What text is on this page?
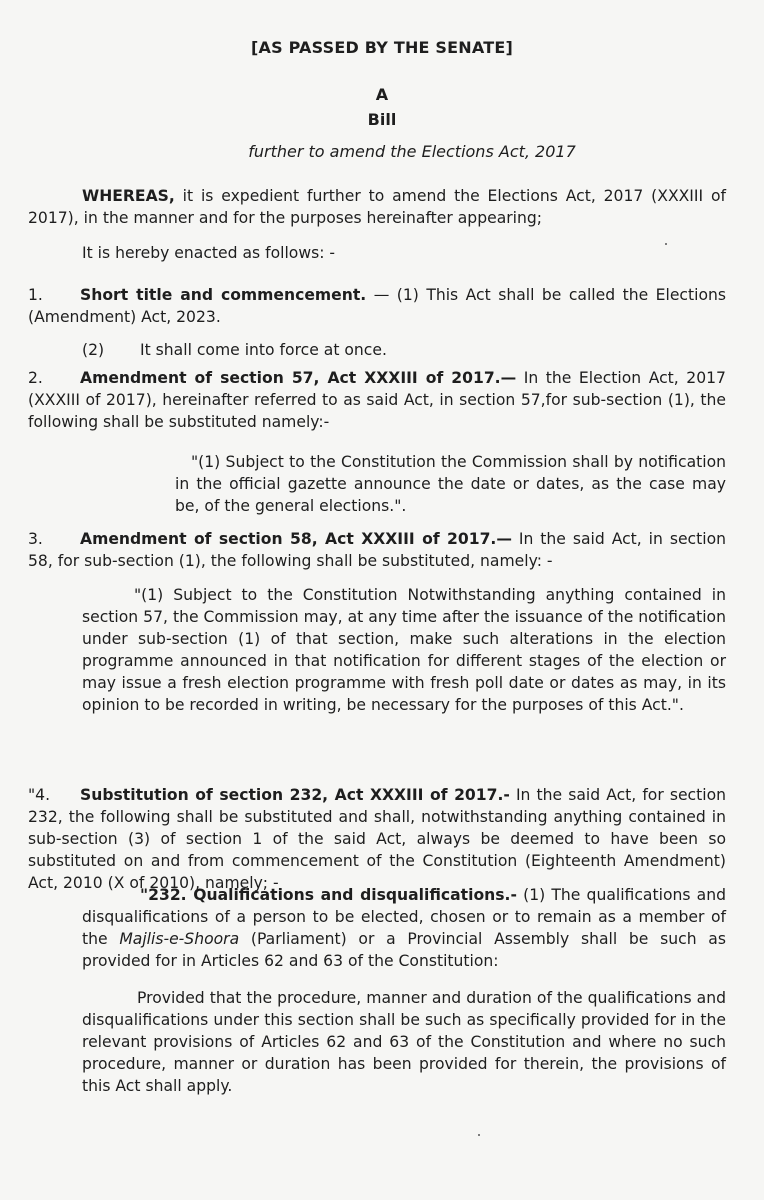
[AS PASSED BY THE SENATE]
A
Bill
further to amend the Elections Act, 2017
WHEREAS, it is expedient further to amend the Elections Act, 2017 (XXXIII of 2017), in the manner and for the purposes hereinafter appearing;
It is hereby enacted as follows: -
1. Short title and commencement. — (1) This Act shall be called the Elections (Amendment) Act, 2023.
(2) It shall come into force at once.
2. Amendment of section 57, Act XXXIII of 2017.— In the Election Act, 2017 (XXXIII of 2017), hereinafter referred to as said Act, in section 57,for sub-section (1), the following shall be substituted namely:-
"(1) Subject to the Constitution the Commission shall by notification in the official gazette announce the date or dates, as the case may be, of the general elections.".
3. Amendment of section 58, Act XXXIII of 2017.— In the said Act, in section 58, for sub-section (1), the following shall be substituted, namely: -
"(1) Subject to the Constitution Notwithstanding anything contained in section 57, the Commission may, at any time after the issuance of the notification under sub-section (1) of that section, make such alterations in the election programme announced in that notification for different stages of the election or may issue a fresh election programme with fresh poll date or dates as may, in its opinion to be recorded in writing, be necessary for the purposes of this Act.".
"4. Substitution of section 232, Act XXXIII of 2017.- In the said Act, for section 232, the following shall be substituted and shall, notwithstanding anything contained in sub-section (3) of section 1 of the said Act, always be deemed to have been so substituted on and from commencement of the Constitution (Eighteenth Amendment) Act, 2010 (X of 2010), namely; -
"232. Qualifications and disqualifications.- (1) The qualifications and disqualifications of a person to be elected, chosen or to remain as a member of the Majlis-e-Shoora (Parliament) or a Provincial Assembly shall be such as provided for in Articles 62 and 63 of the Constitution:
Provided that the procedure, manner and duration of the qualifications and disqualifications under this section shall be such as specifically provided for in the relevant provisions of Articles 62 and 63 of the Constitution and where no such procedure, manner or duration has been provided for therein, the provisions of this Act shall apply.
